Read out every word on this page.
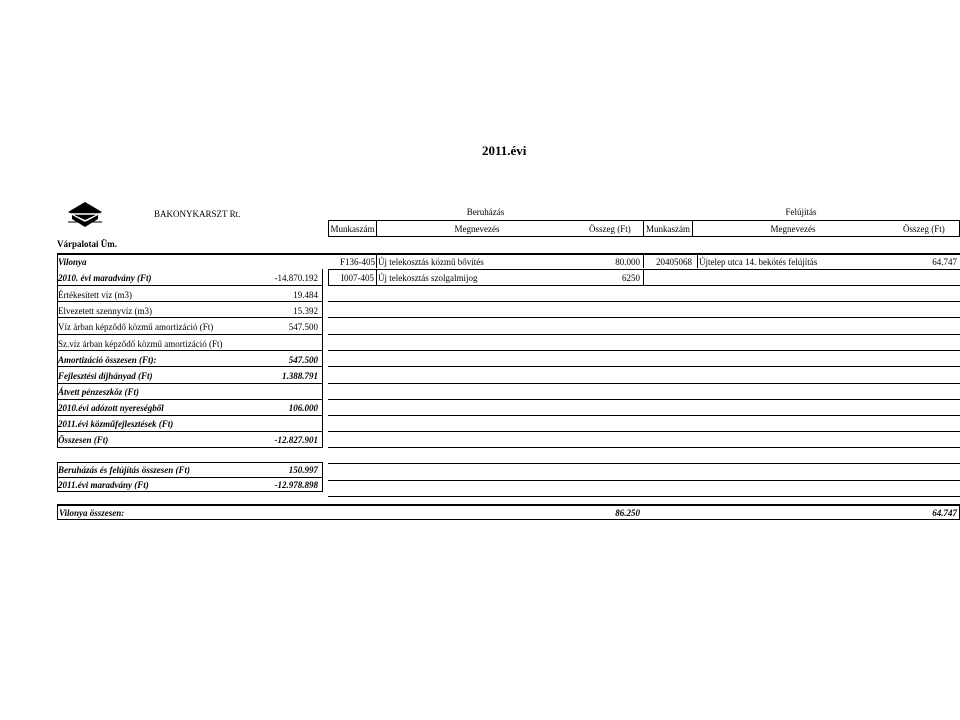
2011.évi
BAKONYKARSZT Rt.
Várpalotai Üm.
Beruházás	Felújítás
Munkaszám	Megnevezés	Összeg (Ft) Munkaszám	Megnevezés	Összeg (Ft)
Vilonya	F136-405 Új telekosztás közmű bővítés	80.000 20405068 Újtelep utca 14. bekötés felújítás	64.747
I007-405 Új telekosztás szolgalmijog	6250
2010. évi maradvány (Ft)	-14.870.192
Értékesített víz (m3)	19.484
Elvezetett szennyvíz (m3)	15.392
Víz árban képződő közmű amortizáció (Ft)	547.500
Sz.víz árban képződő közmű amortizáció (Ft)
Amortizáció összesen (Ft):	547.500
Fejlesztési díjhányad (Ft)	1.388.791
Átvett pénzeszköz (Ft)
2010.évi adózott nyereségből	106.000
2011.évi közműfejlesztések (Ft)
Összesen (Ft)	-12.827.901
Beruházás és felújítás összesen (Ft)	150.997
2011.évi maradvány (Ft)	-12.978.898
Vilonya összesen:	86.250	64.747
